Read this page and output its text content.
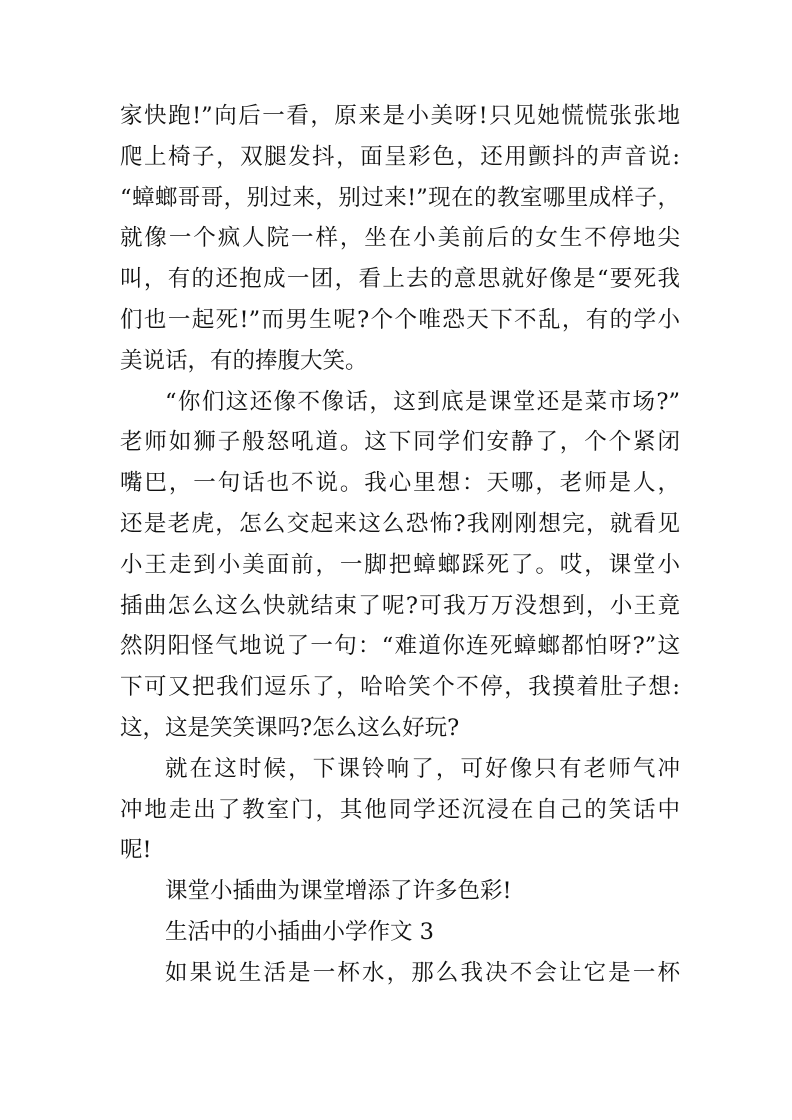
家快跑!”向后一看，原来是小美呀!只见她慌慌张张地
爬上椅子，双腿发抖，面呈彩色，还用颤抖的声音说:
“蟑螂哥哥，别过来，别过来!”现在的教室哪里成样子，
就像一个疯人院一样，坐在小美前后的女生不停地尖
叫，有的还抱成一团，看上去的意思就好像是“要死我
们也一起死!”而男生呢?个个唯恐天下不乱，有的学小
美说话，有的捧腹大笑。
“你们这还像不像话，这到底是课堂还是菜市场?”
老师如狮子般怒吼道。这下同学们安静了，个个紧闭
嘴巴，一句话也不说。我心里想：天哪，老师是人，
还是老虎，怎么交起来这么恐怖?我刚刚想完，就看见
小王走到小美面前，一脚把蟑螂踩死了。哎，课堂小
插曲怎么这么快就结束了呢?可我万万没想到，小王竟
然阴阳怪气地说了一句：“难道你连死蟑螂都怕呀?”这
下可又把我们逗乐了，哈哈笑个不停，我摸着肚子想:
这，这是笑笑课吗?怎么这么好玩?
就在这时候，下课铃响了，可好像只有老师气冲
冲地走出了教室门，其他同学还沉浸在自己的笑话中
呢!
课堂小插曲为课堂增添了许多色彩!
生活中的小插曲小学作文 3
如果说生活是一杯水，那么我决不会让它是一杯
